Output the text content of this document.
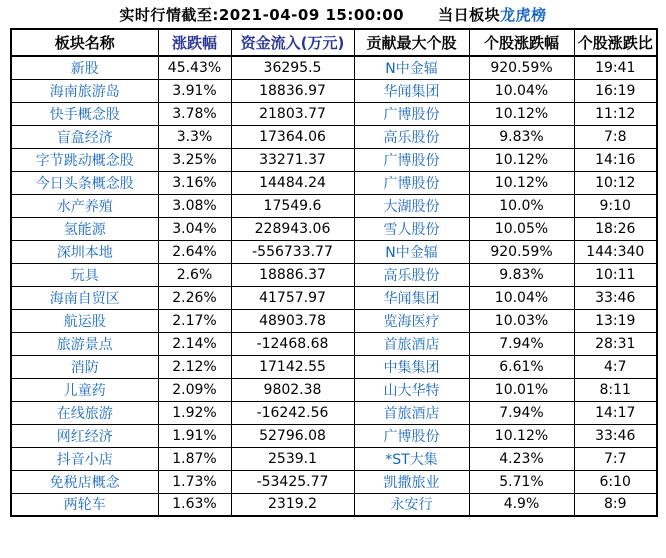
实时行情截至:2021-04-09 15:00:00 当日板块 龙虎榜
板块名称	涨跌幅	资金流入(万元)	贡献最大个股	个股涨跌幅	个股涨跌比
新股	45.43%	36295.5	N中金辐	920.59%	19:41
海南旅游岛	3.91%	18836.97	华闻集团	10.04%	16:19
快手概念股	3.78%	21803.77	广博股份	10.12%	11:12
盲盒经济	3.3%	17364.06	高乐股份	9.83%	7:8
字节跳动概念股	3.25%	33271.37	广博股份	10.12%	14:16
今日头条概念股	3.16%	14484.24	广博股份	10.12%	10:12
水产养殖	3.08%	17549.6	大湖股份	10.0%	9:10
氢能源	3.04%	228943.06	雪人股份	10.05%	18:26
深圳本地	2.64%	-556733.77	N中金辐	920.59%	144:340
玩具	2.6%	18886.37	高乐股份	9.83%	10:11
海南自贸区	2.26%	41757.97	华闻集团	10.04%	33:46
航运股	2.17%	48903.78	览海医疗	10.03%	13:19
旅游景点	2.14%	-12468.68	首旅酒店	7.94%	28:31
消防	2.12%	17142.55	中集集团	6.61%	4:7
儿童药	2.09%	9802.38	山大华特	10.01%	8:11
在线旅游	1.92%	-16242.56	首旅酒店	7.94%	14:17
网红经济	1.91%	52796.08	广博股份	10.12%	33:46
抖音小店	1.87%	2539.1	*ST大集	4.23%	7:7
免税店概念	1.73%	-53425.77	凯撒旅业	5.71%	6:10
两轮车	1.63%	2319.2	永安行	4.9%	8:9
